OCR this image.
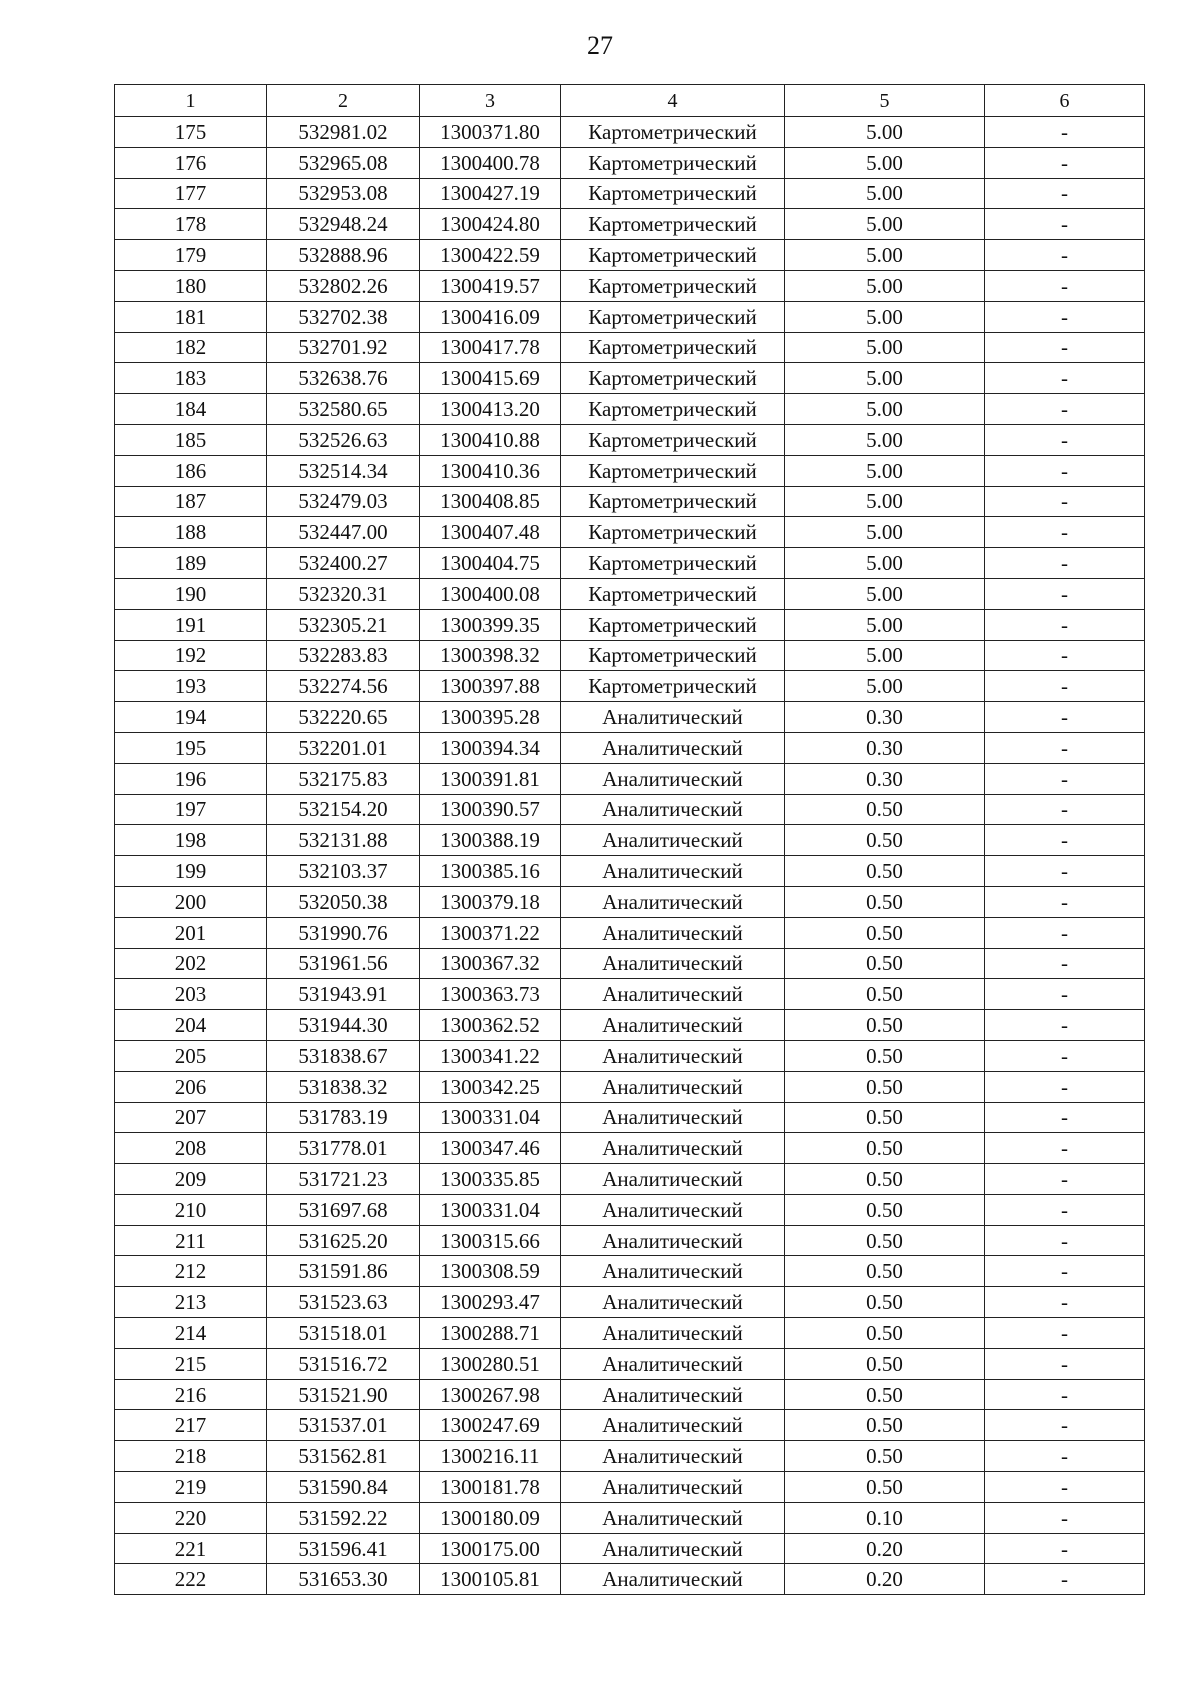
27
1	2	3	4	5	6
175	532981.02	1300371.80	Картометрический	5.00	-
176	532965.08	1300400.78	Картометрический	5.00	-
177	532953.08	1300427.19	Картометрический	5.00	-
178	532948.24	1300424.80	Картометрический	5.00	-
179	532888.96	1300422.59	Картометрический	5.00	-
180	532802.26	1300419.57	Картометрический	5.00	-
181	532702.38	1300416.09	Картометрический	5.00	-
182	532701.92	1300417.78	Картометрический	5.00	-
183	532638.76	1300415.69	Картометрический	5.00	-
184	532580.65	1300413.20	Картометрический	5.00	-
185	532526.63	1300410.88	Картометрический	5.00	-
186	532514.34	1300410.36	Картометрический	5.00	-
187	532479.03	1300408.85	Картометрический	5.00	-
188	532447.00	1300407.48	Картометрический	5.00	-
189	532400.27	1300404.75	Картометрический	5.00	-
190	532320.31	1300400.08	Картометрический	5.00	-
191	532305.21	1300399.35	Картометрический	5.00	-
192	532283.83	1300398.32	Картометрический	5.00	-
193	532274.56	1300397.88	Картометрический	5.00	-
194	532220.65	1300395.28	Аналитический	0.30	-
195	532201.01	1300394.34	Аналитический	0.30	-
196	532175.83	1300391.81	Аналитический	0.30	-
197	532154.20	1300390.57	Аналитический	0.50	-
198	532131.88	1300388.19	Аналитический	0.50	-
199	532103.37	1300385.16	Аналитический	0.50	-
200	532050.38	1300379.18	Аналитический	0.50	-
201	531990.76	1300371.22	Аналитический	0.50	-
202	531961.56	1300367.32	Аналитический	0.50	-
203	531943.91	1300363.73	Аналитический	0.50	-
204	531944.30	1300362.52	Аналитический	0.50	-
205	531838.67	1300341.22	Аналитический	0.50	-
206	531838.32	1300342.25	Аналитический	0.50	-
207	531783.19	1300331.04	Аналитический	0.50	-
208	531778.01	1300347.46	Аналитический	0.50	-
209	531721.23	1300335.85	Аналитический	0.50	-
210	531697.68	1300331.04	Аналитический	0.50	-
211	531625.20	1300315.66	Аналитический	0.50	-
212	531591.86	1300308.59	Аналитический	0.50	-
213	531523.63	1300293.47	Аналитический	0.50	-
214	531518.01	1300288.71	Аналитический	0.50	-
215	531516.72	1300280.51	Аналитический	0.50	-
216	531521.90	1300267.98	Аналитический	0.50	-
217	531537.01	1300247.69	Аналитический	0.50	-
218	531562.81	1300216.11	Аналитический	0.50	-
219	531590.84	1300181.78	Аналитический	0.50	-
220	531592.22	1300180.09	Аналитический	0.10	-
221	531596.41	1300175.00	Аналитический	0.20	-
222	531653.30	1300105.81	Аналитический	0.20	-
